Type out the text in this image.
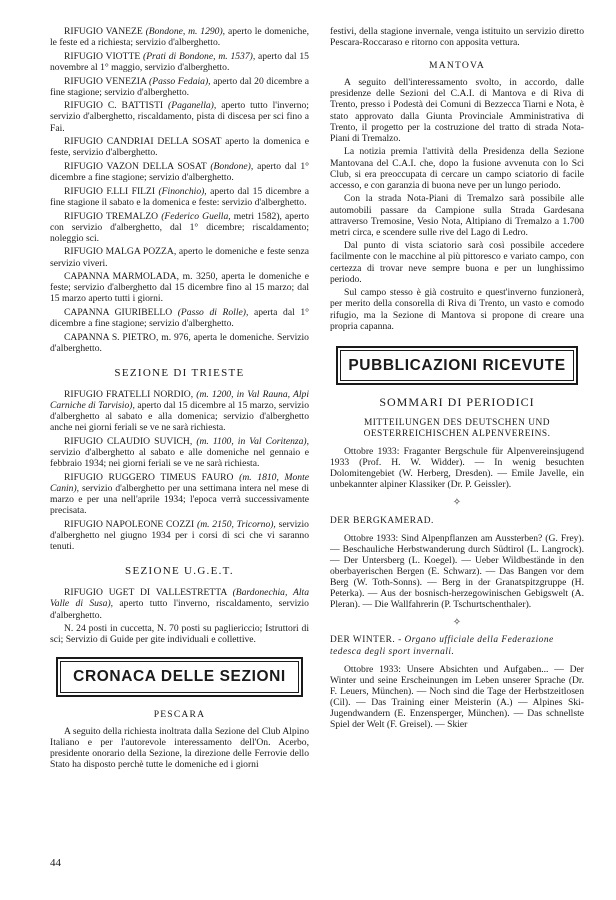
RIFUGIO VANEZE (Bondone, m. 1290), aperto le domeniche, le feste ed a richiesta; servizio d'alberghetto.

RIFUGIO VIOTTE (Prati di Bondone, m. 1537), aperto dal 15 novembre al 1° maggio, servizio d'alberghetto.

RIFUGIO VENEZIA (Passo Fedaia), aperto dal 20 dicembre a fine stagione; servizio d'alberghetto.

RIFUGIO C. BATTISTI (Paganella), aperto tutto l'inverno; servizio d'alberghetto, riscaldamento, pista di discesa per sci fino a Fai.

RIFUGIO CANDRIAI DELLA SOSAT aperto la domenica e feste, servizio d'alberghetto.

RIFUGIO VAZON DELLA SOSAT (Bondone), aperto dal 1° dicembre a fine stagione; servizio d'alberghetto.

RIFUGIO F.LLI FILZI (Finonchio), aperto dal 15 dicembre a fine stagione il sabato e la domenica e feste: servizio d'alberghetto.

RIFUGIO TREMALZO (Federico Guella, metri 1582), aperto con servizio d'alberghetto, dal 1° dicembre; riscaldamento; noleggio sci.

RIFUGIO MALGA POZZA, aperto le domeniche e feste senza servizio viveri.

CAPANNA MARMOLADA, m. 3250, aperta le domeniche e feste; servizio d'alberghetto dal 15 dicembre fino al 15 marzo; dal 15 marzo aperto tutti i giorni.

CAPANNA GIURIBELLO (Passo di Rolle), aperta dal 1° dicembre a fine stagione; servizio d'alberghetto.

CAPANNA S. PIETRO, m. 976, aperta le domeniche. Servizio d'alberghetto.

SEZIONE DI TRIESTE

RIFUGIO FRATELLI NORDIO, (m. 1200, in Val Rauna, Alpi Carniche di Tarvisio), aperto dal 15 dicembre al 15 marzo, servizio d'alberghetto al sabato e alla domenica; servizio d'alberghetto anche nei giorni feriali se ve ne sarà richiesta.

RIFUGIO CLAUDIO SUVICH, (m. 1100, in Val Coritenza), servizio d'alberghetto al sabato e alle domeniche nel gennaio e febbraio 1934; nei giorni feriali se ve ne sarà richiesta.

RIFUGIO RUGGERO TIMEUS FAURO (m. 1810, Monte Canin), servizio d'alberghetto per una settimana intera nel mese di marzo e per una nell'aprile 1934; l'epoca verrà successivamente precisata.

RIFUGIO NAPOLEONE COZZI (m. 2150, Tricorno), servizio d'alberghetto nel giugno 1934 per i corsi di sci che vi saranno tenuti.

SEZIONE U.G.E.T.

RIFUGIO UGET DI VALLESTRETTA (Bardonechia, Alta Valle di Susa), aperto tutto l'inverno, riscaldamento, servizio d'alberghetto.

N. 24 posti in cuccetta, N. 70 posti su pagliericcio; Istruttori di sci; Servizio di Guide per gite individuali e collettive.

CRONACA DELLE SEZIONI
PESCARA

A seguito della richiesta inoltrata dalla Sezione del Club Alpino Italiano e per l'autorevole interessamento dell'On. Acerbo, presidente onorario della Sezione, la direzione delle Ferrovie dello Stato ha disposto perchè tutte le domeniche ed i giorni

festivi, della stagione invernale, venga istituito un servizio diretto Pescara-Roccaraso e ritorno con apposita vettura.

MANTOVA

A seguito dell'interessamento svolto, in accordo, dalle presidenze delle Sezioni del C.A.I. di Mantova e di Riva di Trento, presso i Podestà dei Comuni di Bezzecca Tiarni e Nota, è stato approvato dalla Giunta Provinciale Amministrativa di Trento, il progetto per la costruzione del tratto di strada Nota-Piani di Tremalzo.

La notizia premia l'attività della Presidenza della Sezione Mantovana del C.A.I. che, dopo la fusione avvenuta con lo Sci Club, si era preoccupata di cercare un campo sciatorio di facile accesso, e con garanzia di buona neve per un lungo periodo.

Con la strada Nota-Piani di Tremalzo sarà possibile alle automobili passare da Campione sulla Strada Gardesana attraverso Tremosine, Vesio Nota, Altipiano di Tremalzo a 1.700 metri circa, e scendere sulle rive del Lago di Ledro.

Dal punto di vista sciatorio sarà così possibile accedere facilmente con le macchine al più pittoresco e variato campo, con certezza di trovar neve sempre buona e per un lunghissimo periodo.

Sul campo stesso è già costruito e quest'inverno funzionerà, per merito della consorella di Riva di Trento, un vasto e comodo rifugio, ma la Sezione di Mantova si propone di creare una propria capanna.

PUBBLICAZIONI RICEVUTE
SOMMARI DI PERIODICI
MITTEILUNGEN DES DEUTSCHEN UND OESTERREICHISCHEN ALPENVEREINS.

Ottobre 1933: Fraganter Bergschule für Alpenvereinsjugend 1933 (Prof. H. W. Widder). — In wenig besuchten Dolomitengebiet (W. Herberg, Dresden). — Emile Javelle, ein unbekannter alpiner Klassiker (Dr. P. Geissler).

✧
DER BERGKAMERAD.

Ottobre 1933: Sind Alpenpflanzen am Aussterben? (G. Frey). — Beschauliche Herbstwanderung durch Südtirol (L. Langrock). — Der Untersberg (L. Koegel). — Ueber Wildbestände in den oberbayerischen Bergen (E. Schwarz). — Das Bangen vor dem Berg (W. Toth-Sonns). — Berg in der Granatspitzgruppe (H. Peterka). — Aus der bosnisch-herzegowinischen Gebigswelt (A. Pleran). — Die Wallfahrerin (P. Tschurtschenthaler).

✧
DER WINTER. - Organo ufficiale della Federazione tedesca degli sport invernali.

Ottobre 1933: Unsere Absichten und Aufgaben... — Der Winter und seine Erscheinungen im Leben unserer Sprache (Dr. F. Leuers, München). — Noch sind die Tage der Herbstzeitlosen (Cil). — Das Training einer Meisterin (A.) — Alpines Ski-Jugendwandern (E. Enzensperger, München). — Das schnellste Spiel der Welt (F. Greisel). — Skier

44
